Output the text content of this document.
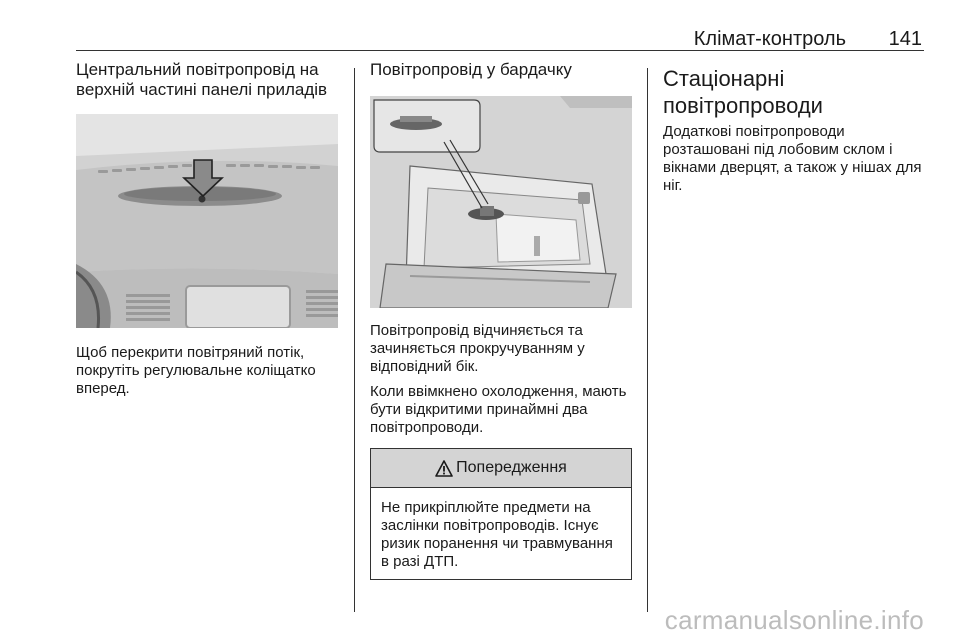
Клімат-контроль 141
Центральний повітропровід на верхній частині панелі приладів

Щоб перекрити повітряний потік, покрутіть регулювальне коліщатко вперед.

Повітропровід у бардачку

Повітропровід відчиняється та зачиняється прокручуванням у відповідний бік.

Коли ввімкнено охолодження, мають бути відкритими принаймні два повітропроводи.

Попередження
Не прикріплюйте предмети на заслінки повітропроводів. Існує ризик поранення чи травмування в разі ДТП.
Стаціонарні повітропроводи

Додаткові повітропроводи розташовані під лобовим склом і вікнами дверцят, а також у нішах для ніг.

carmanualsonline.info
